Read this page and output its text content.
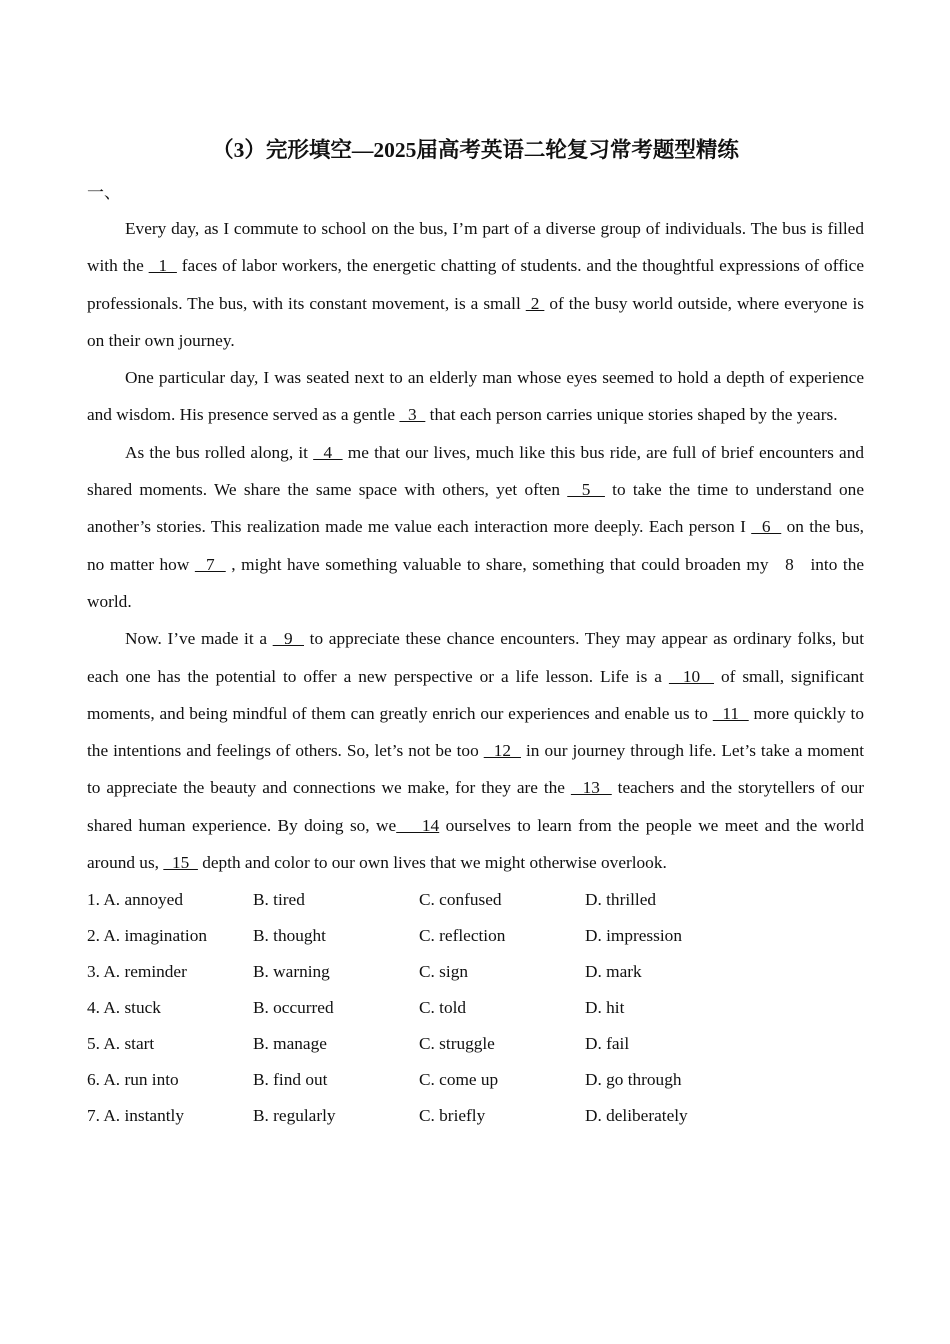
（3）完形填空—2025届高考英语二轮复习常考题型精练
一、

Every day, as I commute to school on the bus, I’m part of a diverse group of individuals. The bus is filled with the   1   faces of labor workers, the energetic chatting of students. and the thoughtful expressions of office professionals. The bus, with its constant movement, is a small  2  of the busy world outside, where everyone is on their own journey.

One particular day, I was seated next to an elderly man whose eyes seemed to hold a depth of experience and wisdom. His presence served as a gentle   3   that each person carries unique stories shaped by the years.

As the bus rolled along, it   4   me that our lives, much like this bus ride, are full of brief encounters and shared moments. We share the same space with others, yet often   5   to take the time to understand one another’s stories. This realization made me value each interaction more deeply. Each person I   6   on the bus, no matter how   7   , might have something valuable to share, something that could broaden my   8   into the world.

Now. I’ve made it a   9   to appreciate these chance encounters. They may appear as ordinary folks, but each one has the potential to offer a new perspective or a life lesson. Life is a   10   of small, significant moments, and being mindful of them can greatly enrich our experiences and enable us to   11   more quickly to the intentions and feelings of others. So, let’s not be too   12   in our journey through life. Let’s take a moment to appreciate the beauty and connections we make, for they are the   13   teachers and the storytellers of our shared human experience. By doing so, we    14 ourselves to learn from the people we meet and the world around us,   15   depth and color to our own lives that we might otherwise overlook.

1. A. annoyed	B. tired	C. confused	D. thrilled
2. A. imagination	B. thought	C. reflection	D. impression
3. A. reminder	B. warning	C. sign	D. mark
4. A. stuck	B. occurred	C. told	D. hit
5. A. start	B. manage	C. struggle	D. fail
6. A. run into	B. find out	C. come up	D. go through
7. A. instantly	B. regularly	C. briefly	D. deliberately
